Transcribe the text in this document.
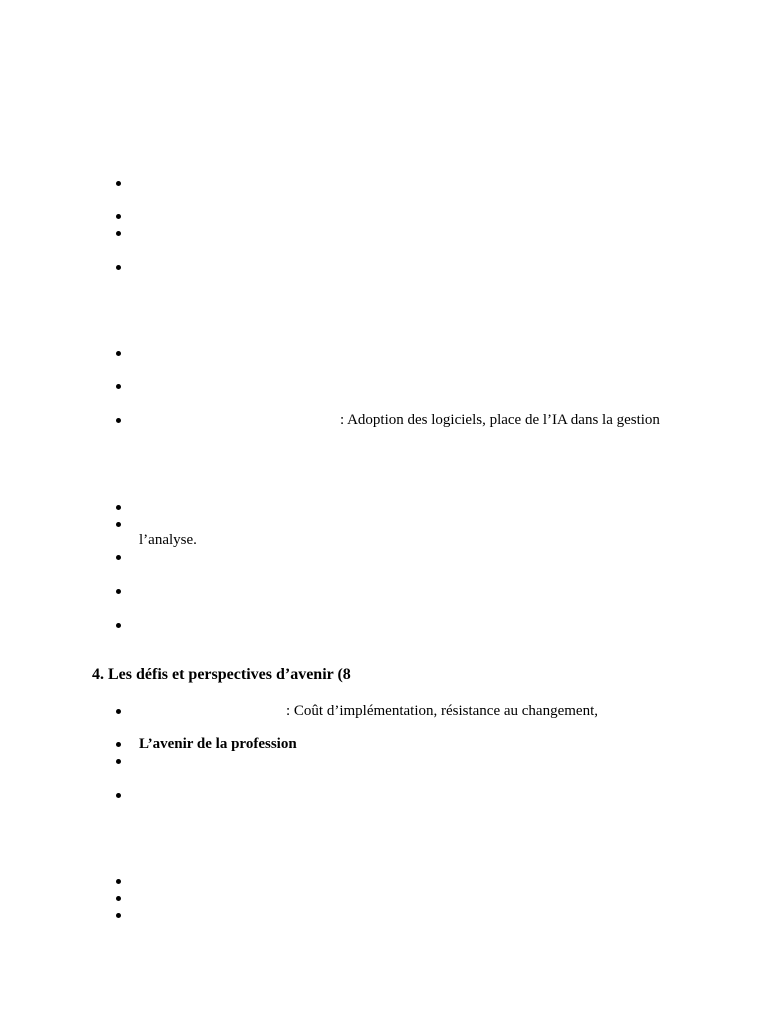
: Adoption des logiciels, place de l’IA dans la gestion
l’analyse.
4. Les défis et perspectives d’avenir (8
: Coût d’implémentation, résistance au changement,
L’avenir de la profession
